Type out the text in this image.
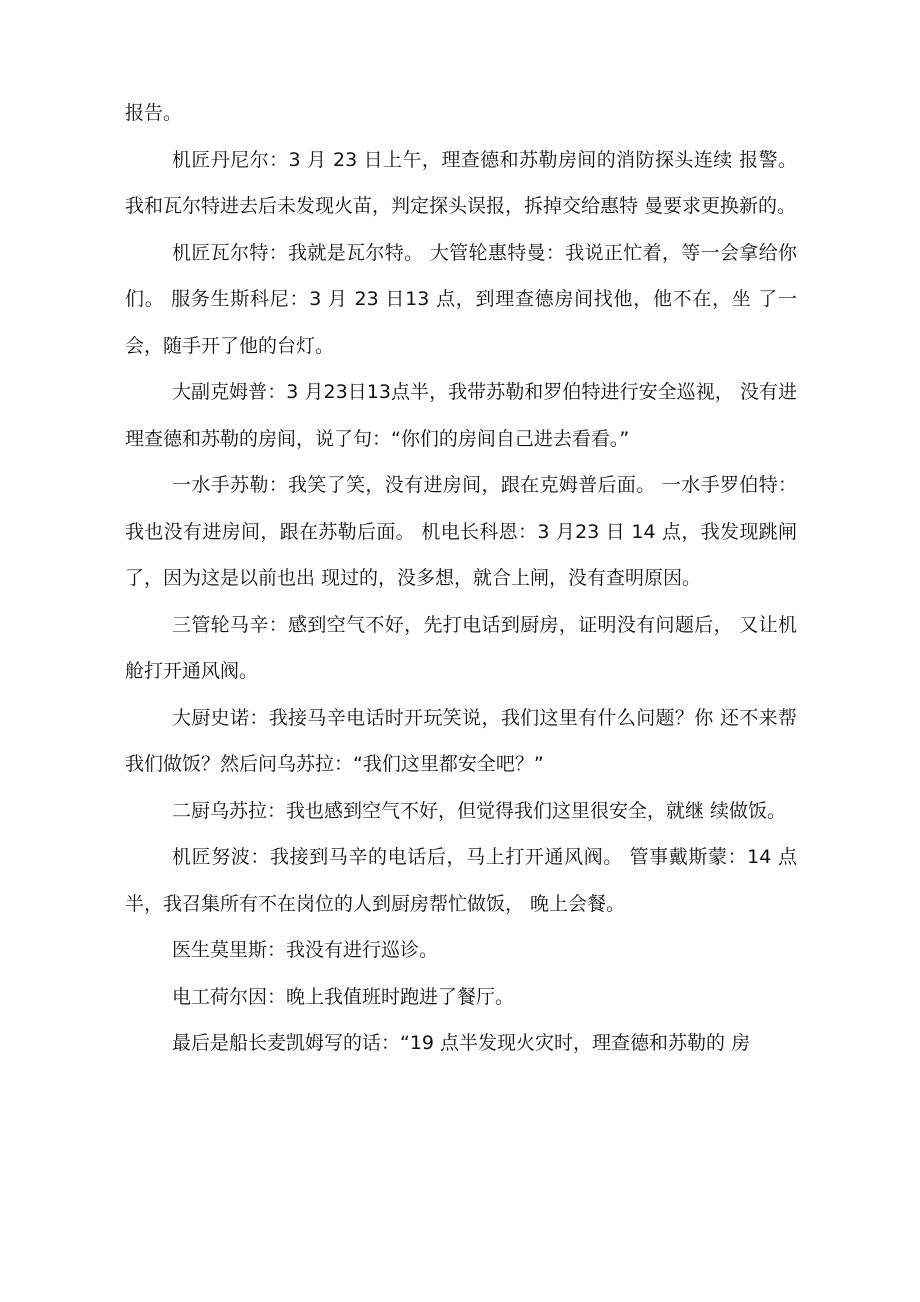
报告。

机匠丹尼尔：3 月 23 日上午，理查德和苏勒房间的消防探头连续 报警。我和瓦尔特进去后未发现火苗，判定探头误报，拆掉交给惠特 曼要求更换新的。

机匠瓦尔特：我就是瓦尔特。 大管轮惠特曼：我说正忙着，等一会拿给你们。 服务生斯科尼：3 月 23 日13 点，到理查德房间找他，他不在，坐 了一会，随手开了他的台灯。

大副克姆普：3 月23日13点半，我带苏勒和罗伯特进行安全巡视， 没有进理查德和苏勒的房间，说了句：“你们的房间自己进去看看。”

一水手苏勒：我笑了笑，没有进房间，跟在克姆普后面。 一水手罗伯特：我也没有进房间，跟在苏勒后面。 机电长科恩：3 月23 日 14 点，我发现跳闸了，因为这是以前也出 现过的，没多想，就合上闸，没有查明原因。

三管轮马辛：感到空气不好，先打电话到厨房，证明没有问题后， 又让机舱打开通风阀。

大厨史诺：我接马辛电话时开玩笑说，我们这里有什么问题？你 还不来帮我们做饭？然后问乌苏拉：“我们这里都安全吧？”

二厨乌苏拉：我也感到空气不好，但觉得我们这里很安全，就继 续做饭。

机匠努波：我接到马辛的电话后，马上打开通风阀。 管事戴斯蒙：14 点半，我召集所有不在岗位的人到厨房帮忙做饭， 晚上会餐。

医生莫里斯：我没有进行巡诊。

电工荷尔因：晚上我值班时跑进了餐厅。

最后是船长麦凯姆写的话：“19 点半发现火灾时，理查德和苏勒的 房
